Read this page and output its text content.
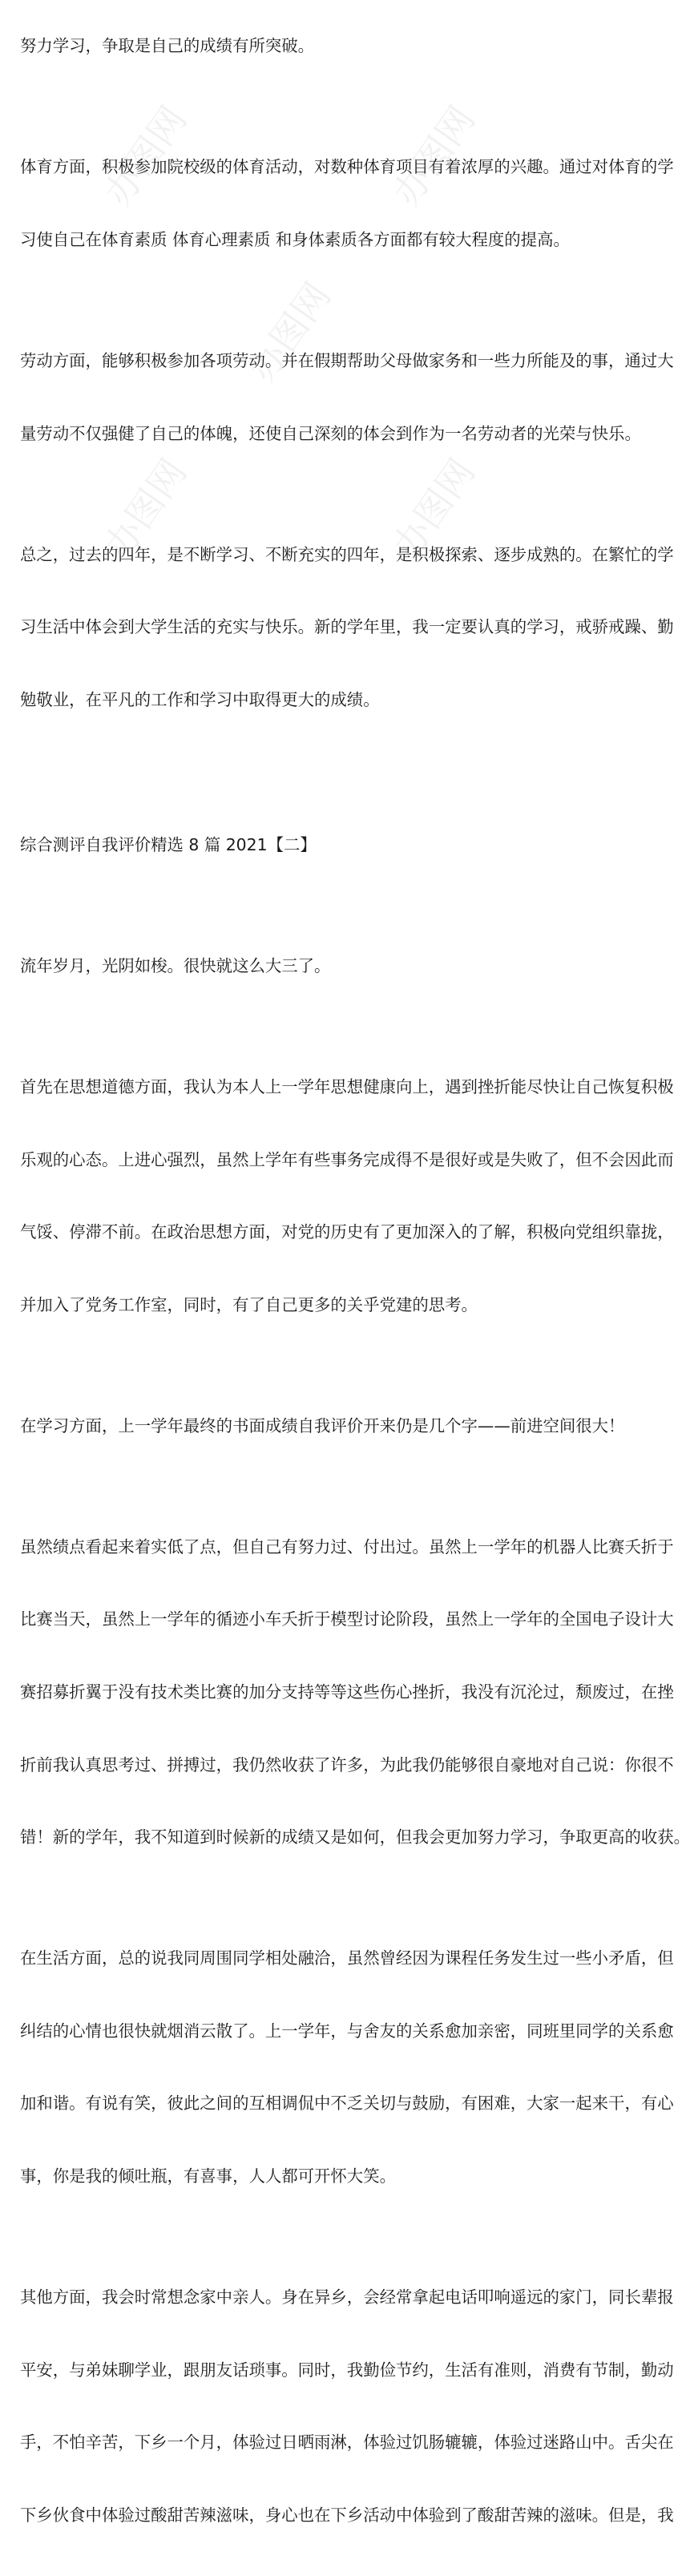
努力学习，争取是自己的成绩有所突破。

体育方面，积极参加院校级的体育活动，对数种体育项目有着浓厚的兴趣。通过对体育的学

习使自己在体育素质 体育心理素质 和身体素质各方面都有较大程度的提高。

劳动方面，能够积极参加各项劳动。并在假期帮助父母做家务和一些力所能及的事，通过大

量劳动不仅强健了自己的体魄，还使自己深刻的体会到作为一名劳动者的光荣与快乐。

总之，过去的四年，是不断学习、不断充实的四年，是积极探索、逐步成熟的。在繁忙的学

习生活中体会到大学生活的充实与快乐。新的学年里，我一定要认真的学习，戒骄戒躁、勤

勉敬业，在平凡的工作和学习中取得更大的成绩。

综合测评自我评价精选 8 篇 2021【二】

流年岁月，光阴如梭。很快就这么大三了。

首先在思想道德方面，我认为本人上一学年思想健康向上，遇到挫折能尽快让自己恢复积极

乐观的心态。上进心强烈，虽然上学年有些事务完成得不是很好或是失败了，但不会因此而

气馁、停滞不前。在政治思想方面，对党的历史有了更加深入的了解，积极向党组织靠拢，

并加入了党务工作室，同时，有了自己更多的关乎党建的思考。

在学习方面，上一学年最终的书面成绩自我评价开来仍是几个字——前进空间很大！

虽然绩点看起来着实低了点，但自己有努力过、付出过。虽然上一学年的机器人比赛夭折于

比赛当天，虽然上一学年的循迹小车夭折于模型讨论阶段，虽然上一学年的全国电子设计大

赛招募折翼于没有技术类比赛的加分支持等等这些伤心挫折，我没有沉沦过，颓废过，在挫

折前我认真思考过、拼搏过，我仍然收获了许多，为此我仍能够很自豪地对自己说：你很不

错！新的学年，我不知道到时候新的成绩又是如何，但我会更加努力学习，争取更高的收获。

在生活方面，总的说我同周围同学相处融洽，虽然曾经因为课程任务发生过一些小矛盾，但

纠结的心情也很快就烟消云散了。上一学年，与舍友的关系愈加亲密，同班里同学的关系愈

加和谐。有说有笑，彼此之间的互相调侃中不乏关切与鼓励，有困难，大家一起来干，有心

事，你是我的倾吐瓶，有喜事，人人都可开怀大笑。

其他方面，我会时常想念家中亲人。身在异乡，会经常拿起电话叩响遥远的家门，同长辈报

平安，与弟妹聊学业，跟朋友话琐事。同时，我勤俭节约，生活有准则，消费有节制，勤动

手，不怕辛苦，下乡一个月，体验过日晒雨淋，体验过饥肠辘辘，体验过迷路山中。舌尖在

下乡伙食中体验过酸甜苦辣滋味，身心也在下乡活动中体验到了酸甜苦辣的滋味。但是，我

办图网	办图网
办图网
办图网	办图网
